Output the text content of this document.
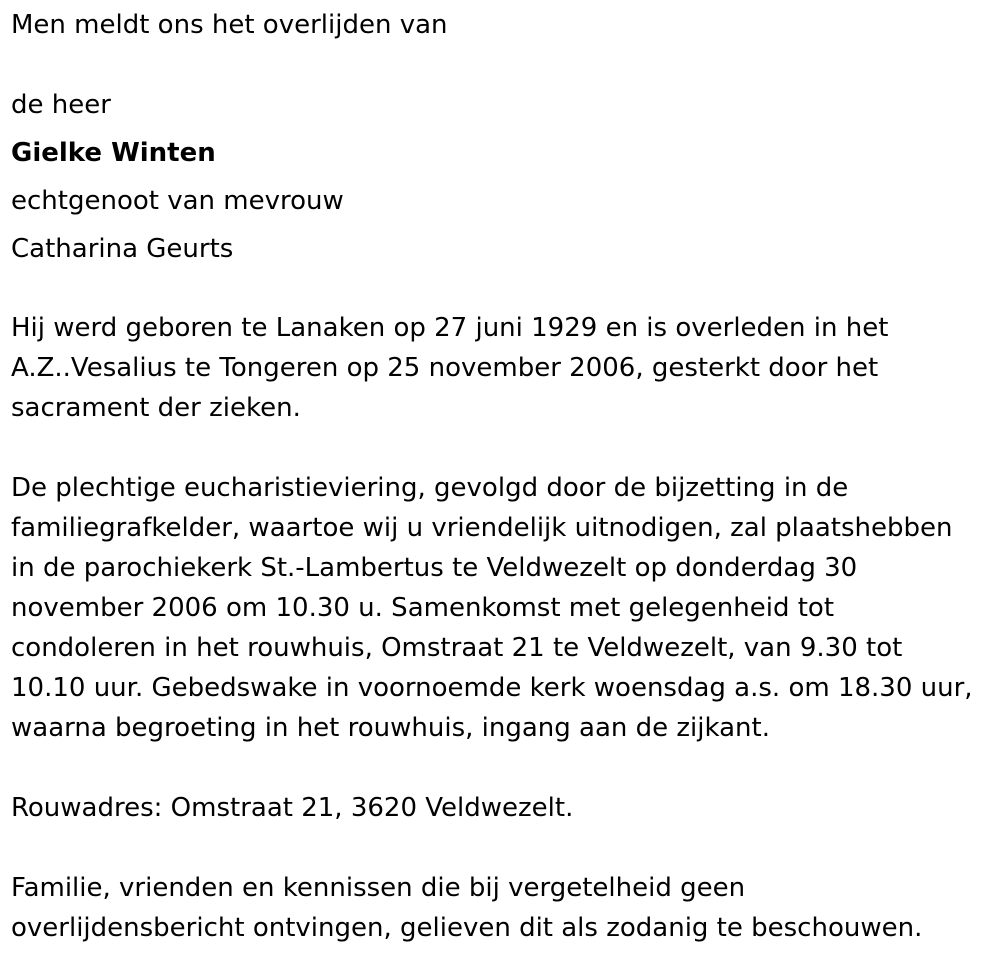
Men meldt ons het overlijden van
de heer
Gielke Winten
echtgenoot van mevrouw
Catharina Geurts
Hij werd geboren te Lanaken op 27 juni 1929 en is overleden in het
A.Z..Vesalius te Tongeren op 25 november 2006, gesterkt door het
sacrament der zieken.
De plechtige eucharistieviering, gevolgd door de bijzetting in de
familiegrafkelder, waartoe wij u vriendelijk uitnodigen, zal plaatshebben
in de parochiekerk St.-Lambertus te Veldwezelt op donderdag 30
november 2006 om 10.30 u. Samenkomst met gelegenheid tot
condoleren in het rouwhuis, Omstraat 21 te Veldwezelt, van 9.30 tot
10.10 uur. Gebedswake in voornoemde kerk woensdag a.s. om 18.30 uur,
waarna begroeting in het rouwhuis, ingang aan de zijkant.
Rouwadres: Omstraat 21, 3620 Veldwezelt.
Familie, vrienden en kennissen die bij vergetelheid geen
overlijdensbericht ontvingen, gelieven dit als zodanig te beschouwen.
